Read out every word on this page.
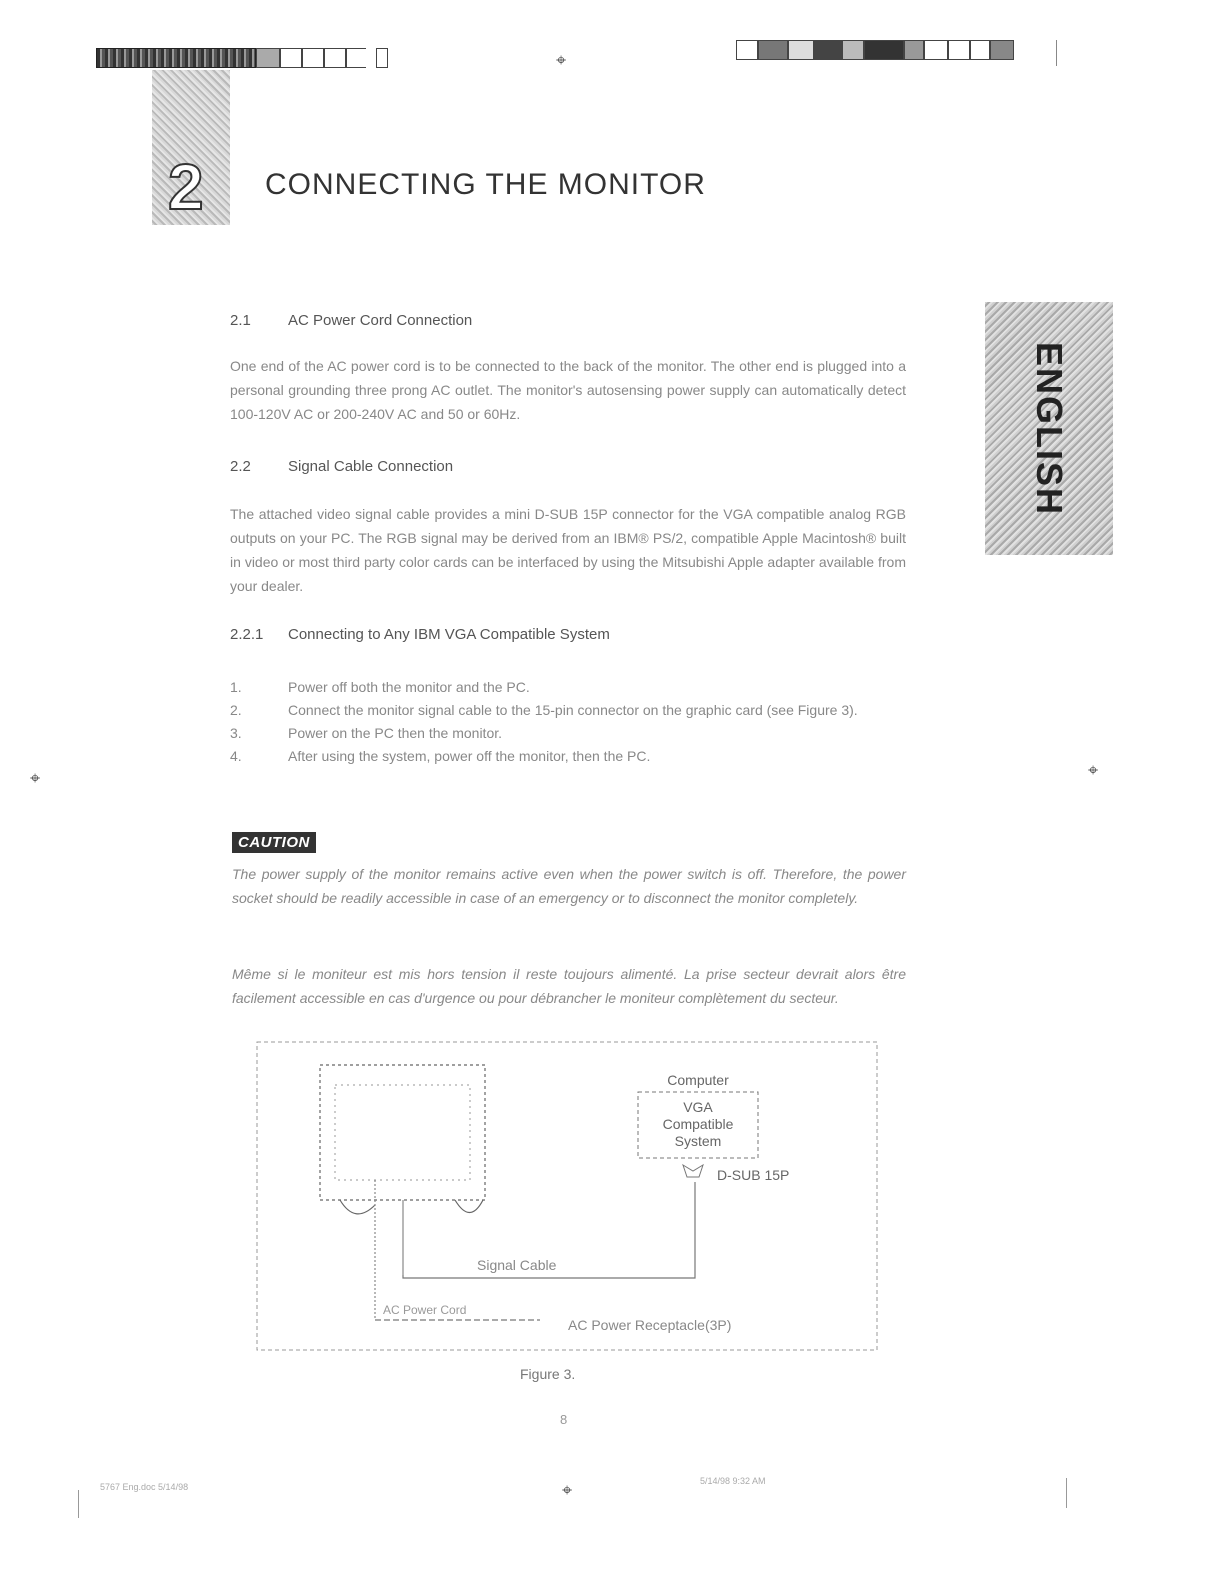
⌖
2 CONNECTING THE MONITOR
ENGLISH
2.1 AC Power Cord Connection
One end of the AC power cord is to be connected to the back of the monitor. The other end is plugged into a personal grounding three prong AC outlet. The monitor's autosensing power supply can automatically detect 100-120V AC or 200-240V AC and 50 or 60Hz.
2.2 Signal Cable Connection
The attached video signal cable provides a mini D-SUB 15P connector for the VGA compatible analog RGB outputs on your PC. The RGB signal may be derived from an IBM® PS/2, compatible Apple Macintosh® built in video or most third party color cards can be interfaced by using the Mitsubishi Apple adapter available from your dealer.
2.2.1 Connecting to Any IBM VGA Compatible System
1.	Power off both the monitor and the PC.
2.	Connect the monitor signal cable to the 15-pin connector on the graphic card (see Figure 3).
3.	Power on the PC then the monitor.
4.	After using the system, power off the monitor, then the PC.
⌖	⌖
CAUTION
The power supply of the monitor remains active even when the power switch is off. Therefore, the power socket should be readily accessible in case of an emergency or to disconnect the monitor completely.
Même si le moniteur est mis hors tension il reste toujours alimenté. La prise secteur devrait alors être facilement accessible en cas d'urgence ou pour débrancher le moniteur complètement du secteur.
Computer
VGA
Compatible
System
D-SUB 15P
Signal Cable
AC Power Cord
AC Power Receptacle(3P)
Figure 3.
8
5767 Eng.doc 5/14/98	⌖	5/14/98 9:32 AM
